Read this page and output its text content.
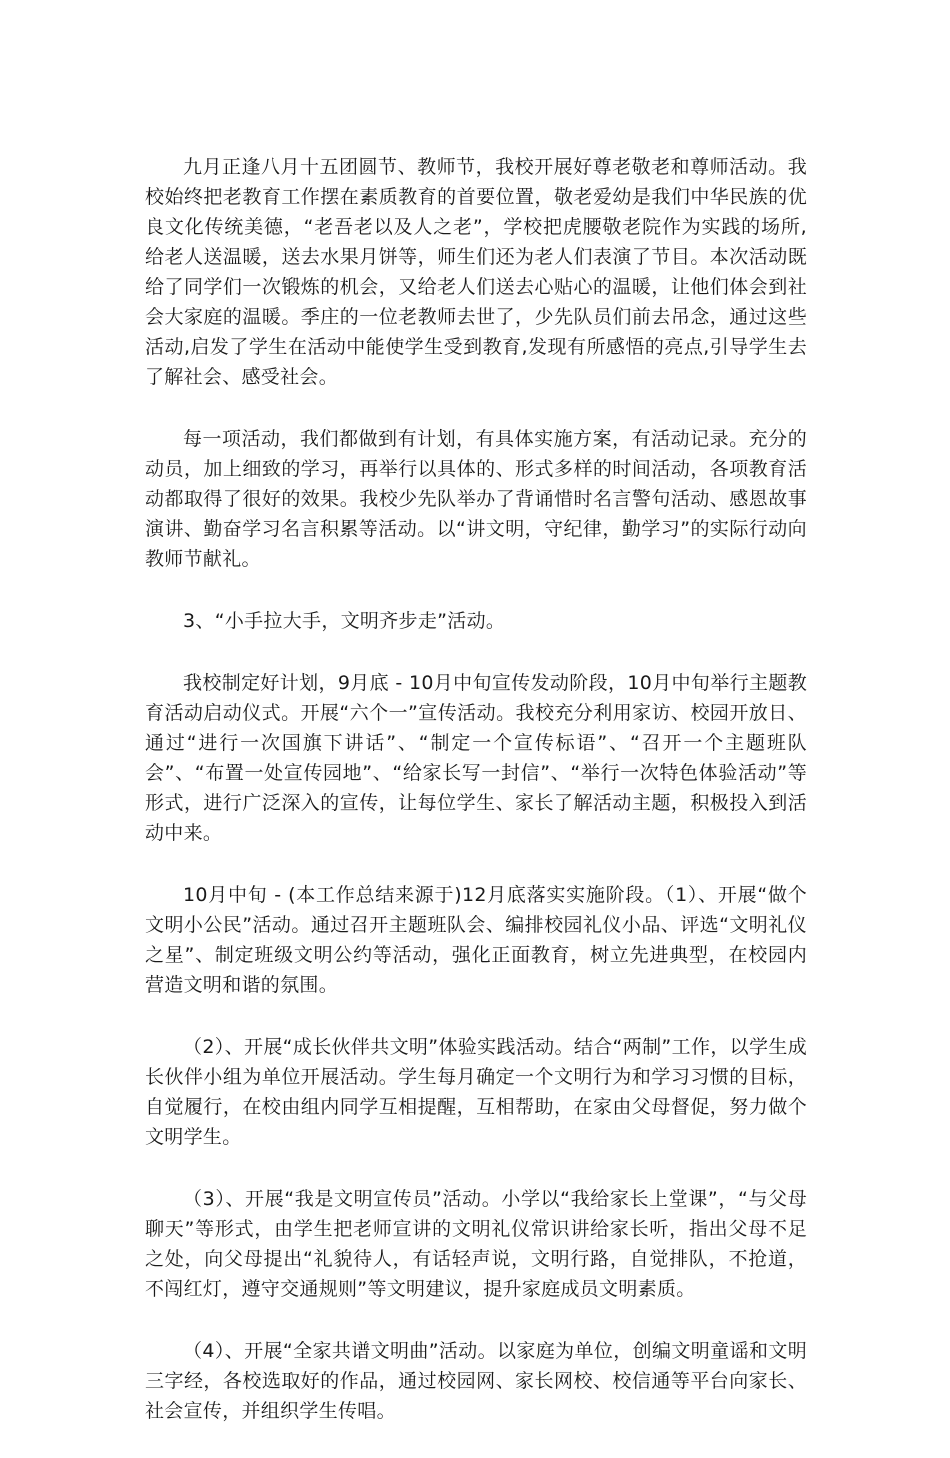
九月正逢八月十五团圆节、教师节，我校开展好尊老敬老和尊师活动。我校始终把老教育工作摆在素质教育的首要位置，敬老爱幼是我们中华民族的优良文化传统美德，“老吾老以及人之老”，学校把虎腰敬老院作为实践的场所,给老人送温暖，送去水果月饼等，师生们还为老人们表演了节目。本次活动既给了同学们一次锻炼的机会，又给老人们送去心贴心的温暖，让他们体会到社会大家庭的温暖。季庄的一位老教师去世了，少先队员们前去吊念，通过这些活动,启发了学生在活动中能使学生受到教育,发现有所感悟的亮点,引导学生去了解社会、感受社会。

每一项活动，我们都做到有计划，有具体实施方案，有活动记录。充分的动员，加上细致的学习，再举行以具体的、形式多样的时间活动，各项教育活动都取得了很好的效果。我校少先队举办了背诵惜时名言警句活动、感恩故事演讲、勤奋学习名言积累等活动。以“讲文明，守纪律，勤学习”的实际行动向教师节献礼。

3、“小手拉大手，文明齐步走”活动。

我校制定好计划，9月底 - 10月中旬宣传发动阶段，10月中旬举行主题教育活动启动仪式。开展“六个一”宣传活动。我校充分利用家访、校园开放日、通过“进行一次国旗下讲话”、“制定一个宣传标语”、“召开一个主题班队会”、“布置一处宣传园地”、“给家长写一封信”、“举行一次特色体验活动”等形式，进行广泛深入的宣传，让每位学生、家长了解活动主题，积极投入到活动中来。

10月中旬 - (本工作总结来源于)12月底落实实施阶段。（1）、开展“做个文明小公民”活动。通过召开主题班队会、编排校园礼仪小品、评选“文明礼仪之星”、制定班级文明公约等活动，强化正面教育，树立先进典型，在校园内营造文明和谐的氛围。

（2）、开展“成长伙伴共文明”体验实践活动。结合“两制”工作，以学生成长伙伴小组为单位开展活动。学生每月确定一个文明行为和学习习惯的目标，自觉履行，在校由组内同学互相提醒，互相帮助，在家由父母督促，努力做个文明学生。

（3）、开展“我是文明宣传员”活动。小学以“我给家长上堂课”，“与父母聊天”等形式，由学生把老师宣讲的文明礼仪常识讲给家长听，指出父母不足之处，向父母提出“礼貌待人，有话轻声说，文明行路，自觉排队，不抢道，不闯红灯，遵守交通规则”等文明建议，提升家庭成员文明素质。

（4）、开展“全家共谱文明曲”活动。以家庭为单位，创编文明童谣和文明三字经，各校选取好的作品，通过校园网、家长网校、校信通等平台向家长、社会宣传，并组织学生传唱。
